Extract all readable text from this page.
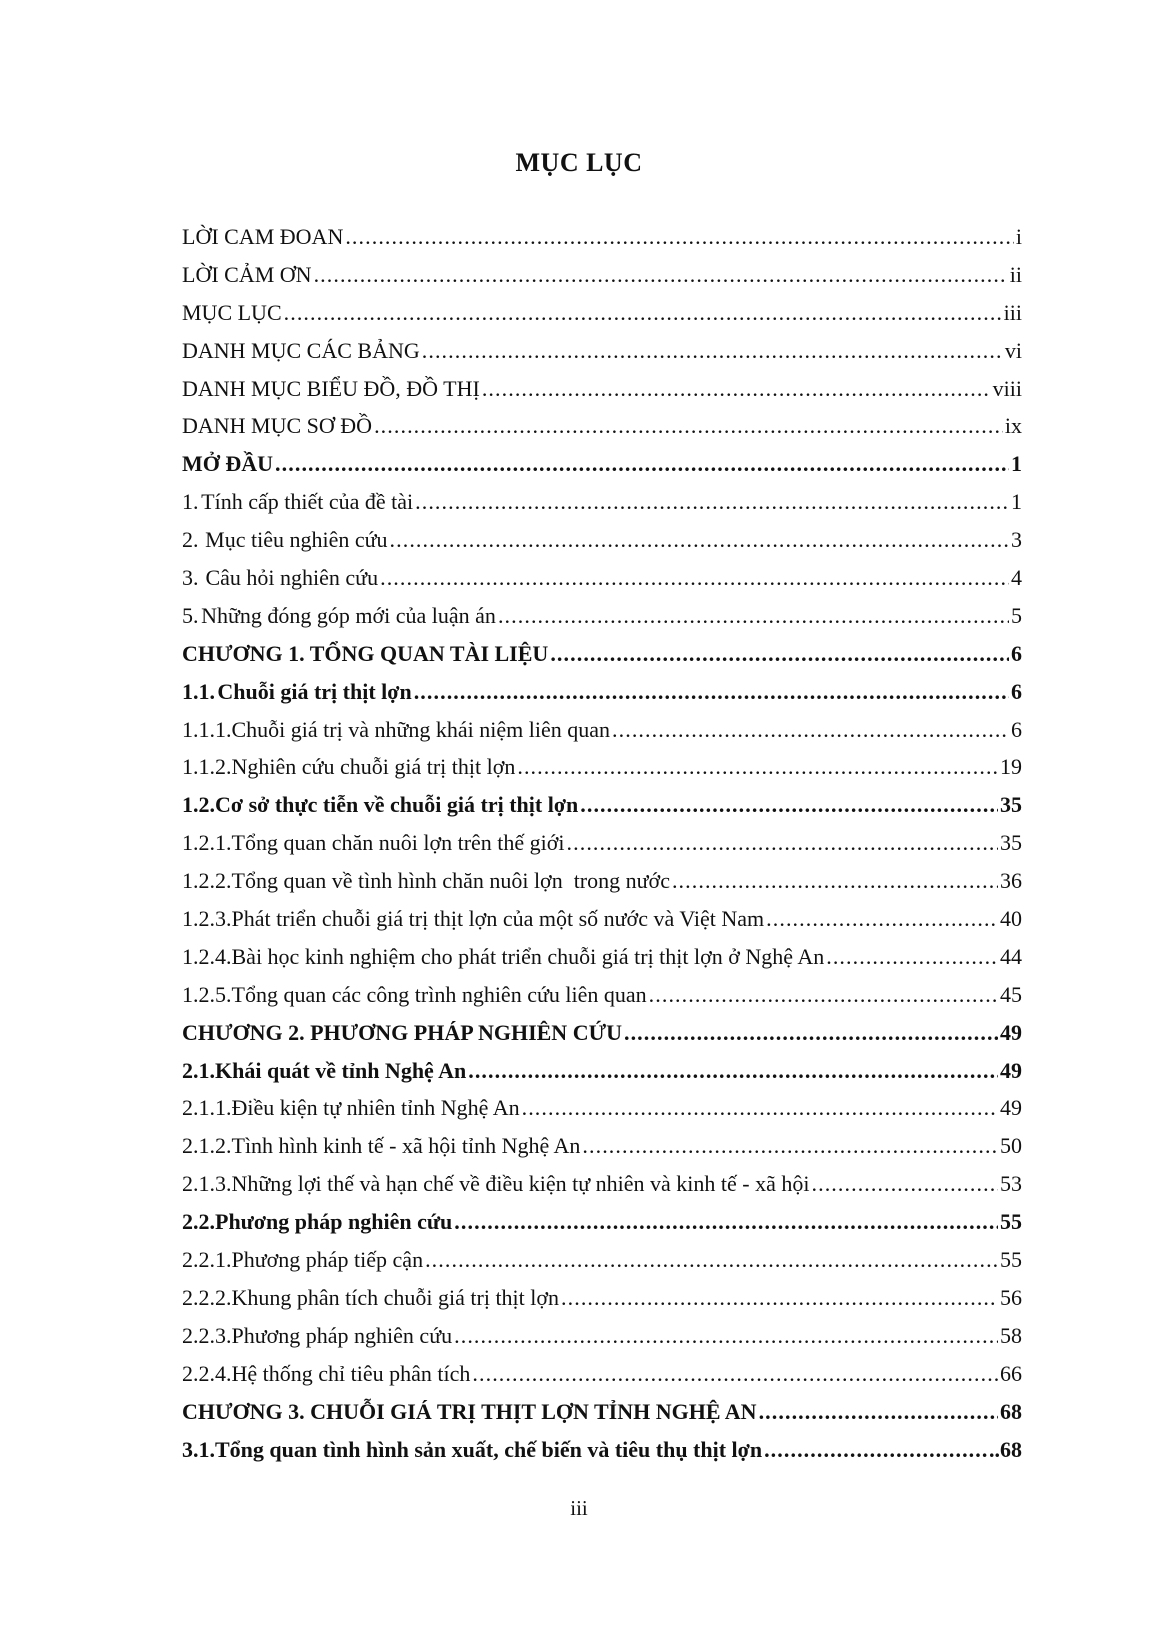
MỤC LỤC
LỜI CAM ĐOAN . . .	i
LỜI CẢM ƠN . . .	ii
MỤC LỤC . . .	iii
DANH MỤC CÁC BẢNG . . .	vi
DANH MỤC BIỂU ĐỒ, ĐỒ THỊ . . .	viii
DANH MỤC SƠ ĐỒ . . .	ix
MỞ ĐẦU . . .	1
1. Tính cấp thiết của đề tài . . .	1
2. Mục tiêu nghiên cứu . . .	3
3. Câu hỏi nghiên cứu . . .	4
5. Những đóng góp mới của luận án . . .	5
CHƯƠNG 1. TỔNG QUAN TÀI LIỆU . . .	6
1.1. Chuỗi giá trị thịt lợn . . .	6
1.1.1. Chuỗi giá trị và những khái niệm liên quan . . .	6
1.1.2. Nghiên cứu chuỗi giá trị thịt lợn . . .	19
1.2. Cơ sở thực tiễn về chuỗi giá trị thịt lợn . . .	35
1.2.1. Tổng quan chăn nuôi lợn trên thế giới . . .	35
1.2.2. Tổng quan về tình hình chăn nuôi lợn  trong nước . . .	36
1.2.3. Phát triển chuỗi giá trị thịt lợn của một số nước và Việt Nam . . .	40
1.2.4. Bài học kinh nghiệm cho phát triển chuỗi giá trị thịt lợn ở Nghệ An . . .	44
1.2.5. Tổng quan các công trình nghiên cứu liên quan . . .	45
CHƯƠNG 2. PHƯƠNG PHÁP NGHIÊN CỨU . . .	49
2.1. Khái quát về tỉnh Nghệ An . . .	49
2.1.1. Điều kiện tự nhiên tỉnh Nghệ An . . .	49
2.1.2. Tình hình kinh tế - xã hội tỉnh Nghệ An . . .	50
2.1.3. Những lợi thế và hạn chế về điều kiện tự nhiên và kinh tế - xã hội . . .	53
2.2. Phương pháp nghiên cứu . . .	55
2.2.1. Phương pháp tiếp cận . . .	55
2.2.2. Khung phân tích chuỗi giá trị thịt lợn . . .	56
2.2.3. Phương pháp nghiên cứu . . .	58
2.2.4. Hệ thống chỉ tiêu phân tích . . .	66
CHƯƠNG 3. CHUỖI GIÁ TRỊ THỊT LỢN TỈNH NGHỆ AN . . .	68
3.1. Tổng quan tình hình sản xuất, chế biến và tiêu thụ thịt lợn . . .	..68
iii
